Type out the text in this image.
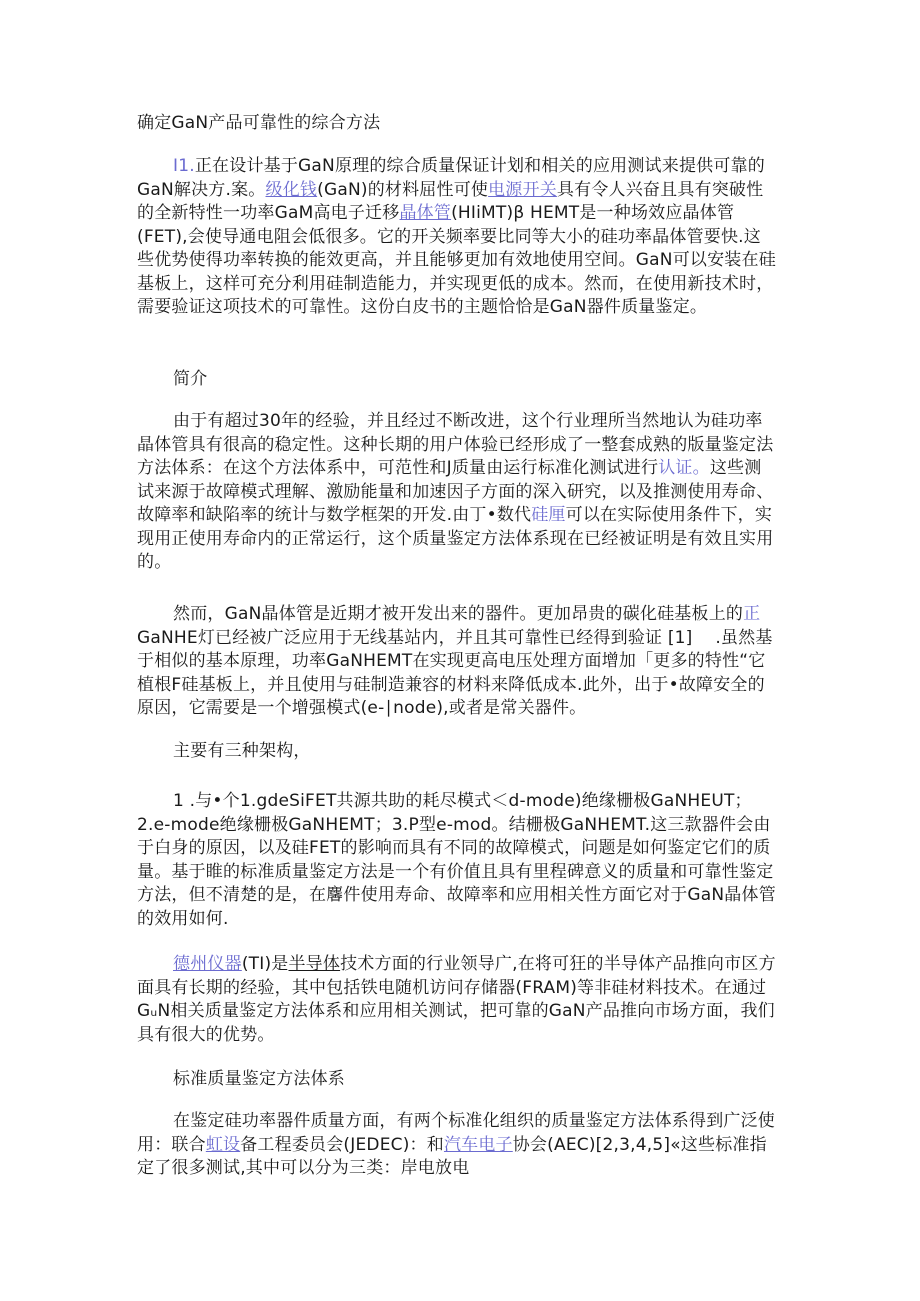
确定GaN产品可靠性的综合方法
I1.正在设计基于GaN原理的综合质量保证计划和相关的应用测试来提供可靠的GaN解决方.案。级化钱(GaN)的材料屈性可使电源开关具有令人兴奋且具有突破性的全新特性一功率GaM高电子迁移晶体管(HIiMT)β HEMT是一种场效应晶体管(FET),会使导通电阻会低很多。它的开关频率要比同等大小的硅功率晶体管要快.这些优势使得功率转换的能效更高，并且能够更加有效地使用空间。GaN可以安装在硅基板上，这样可充分利用硅制造能力，并实现更低的成本。然而，在使用新技术时，需要验证这项技术的可靠性。这份白皮书的主题恰恰是GaN器件质量鉴定。
简介
由于有超过30年的经验，并且经过不断改进，这个行业理所当然地认为硅功率晶体管具有很高的稳定性。这种长期的用户体验已经形成了一整套成熟的版量鉴定法方法体系：在这个方法体系中，可范性和J质量由运行标准化测试进行认证。这些测试来源于故障模式理解、激励能量和加速因子方面的深入研究，以及推测使用寿命、故障率和缺陷率的统计与数学框架的开发.由丁•数代硅厘可以在实际使用条件下，实现用正使用寿命内的正常运行，这个质量鉴定方法体系现在已经被证明是有效且实用的。
然而，GaN晶体管是近期才被开发出来的器件。更加昂贵的碳化硅基板上的正GaNHE灯已经被广泛应用于无线基站内，并且其可靠性已经得到验证 [1]　 .虽然基于相似的基本原理，功率GaNHEMT在实现更高电压处理方面增加「更多的特性“它植根F硅基板上，并且使用与硅制造兼容的材料来降低成本.此外，出于•故障安全的原因，它需要是一个增强模式(e-∣node),或者是常关器件。
主要有三种架构，
1 .与•个1.gdeSiFET共源共助的耗尽模式＜d-mode)绝缘栅极GaNHEUT；2.e-mode绝缘栅极GaNHEMT；3.P型e-mod。结栅极GaNHEMT.这三款器件会由于白身的原因，以及硅FET的影响而具有不同的故障模式，问题是如何鉴定它们的质量。基于睢的标准质量鉴定方法是一个有价值且具有里程碑意义的质量和可靠性鉴定方法，但不清楚的是，在麘件使用寿命、故障率和应用相关性方面它对于GaN晶体管的效用如何.
德州仪器(TI)是半导体技术方面的行业领导广,在将可狂的半导体产品推向市区方面具有长期的经验，其中包括铁电随机访问存储器(FRAM)等非硅材料技术。在通过GᵤN相关质量鉴定方法体系和应用相关测试，把可靠的GaN产品推向市场方面，我们具有很大的优势。
标准质量鉴定方法体系
在鉴定硅功率器件质量方面，有两个标准化组织的质量鉴定方法体系得到广泛使用：联合虹设备工程委员会(JEDEC)：和汽车电子协会(AEC)[2,3,4,5]«这些标准指定了很多测试,其中可以分为三类：岸电放电
